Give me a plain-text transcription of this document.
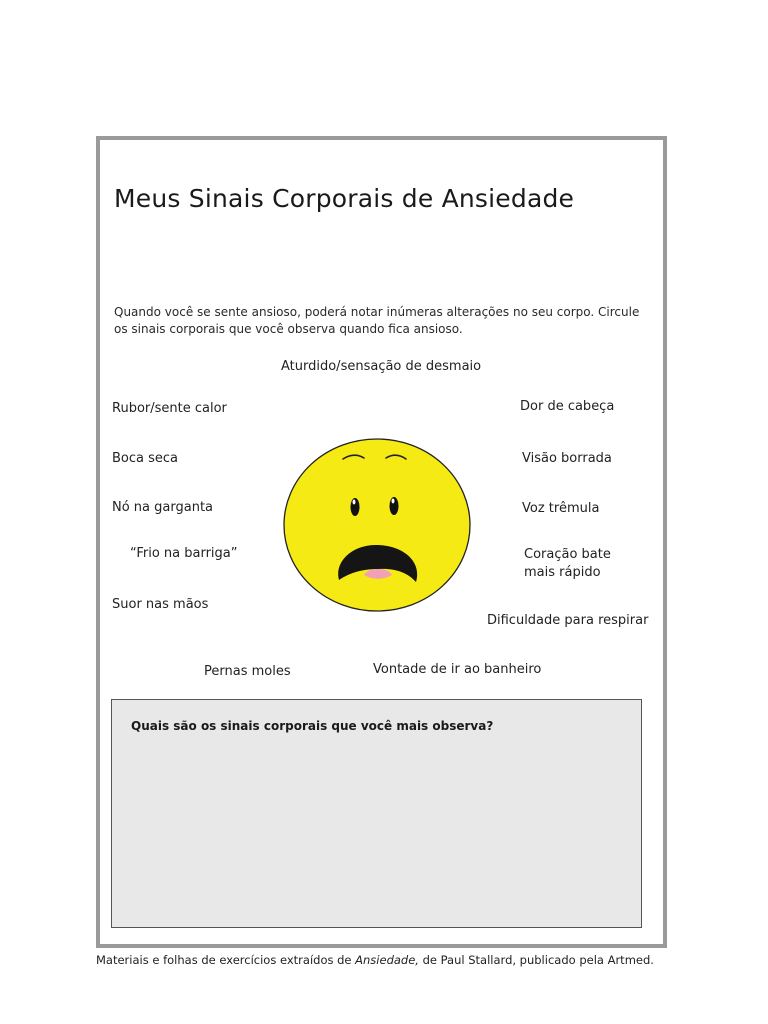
Meus Sinais Corporais de Ansiedade

Quando você se sente ansioso, poderá notar inúmeras alterações no seu corpo. Circule os sinais corporais que você observa quando fica ansioso.

Aturdido/sensação de desmaio
Rubor/sente calor
Boca seca
Nó na garganta
“Frio na barriga”
Suor nas mãos
Dor de cabeça
Visão borrada
Voz trêmula
Coração bate
mais rápido
Dificuldade para respirar
Pernas moles	Vontade de ir ao banheiro
Quais são os sinais corporais que você mais observa?
Materiais e folhas de exercícios extraídos de Ansiedade, de Paul Stallard, publicado pela Artmed.
